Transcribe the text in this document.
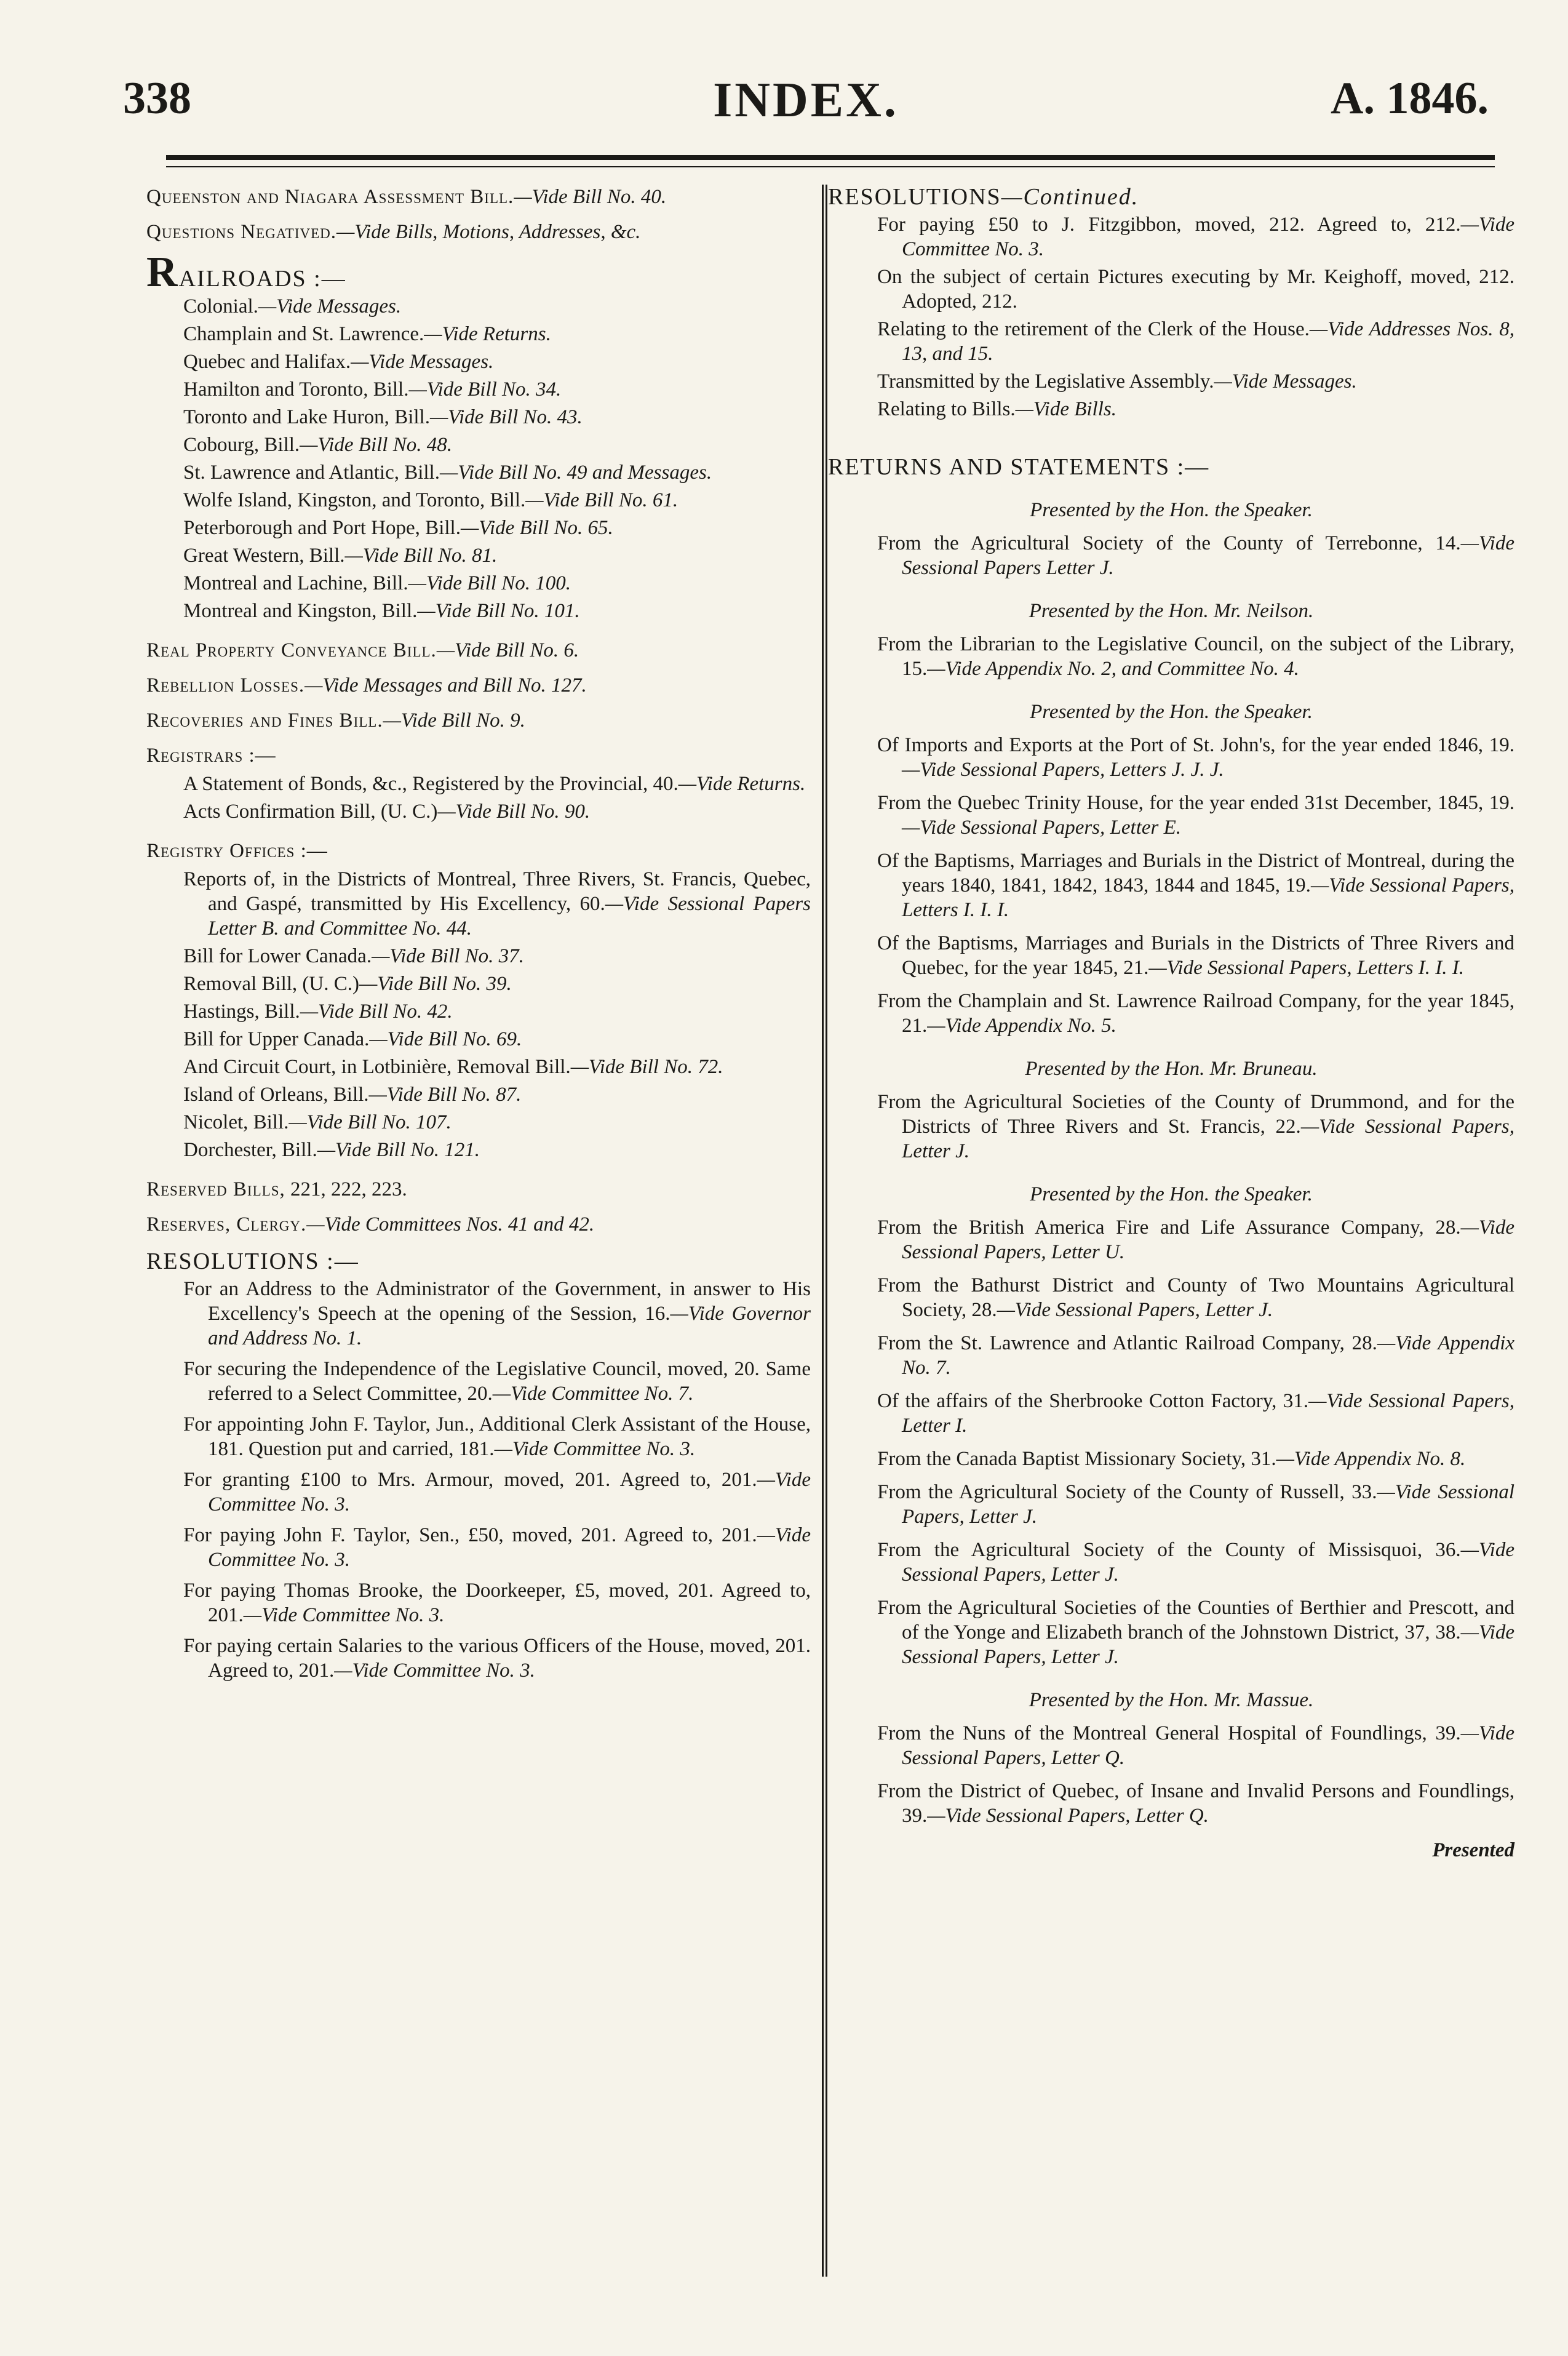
338	INDEX.	A. 1846.
Queenston and Niagara Assessment Bill.—Vide Bill No. 40.
Questions Negatived.—Vide Bills, Motions, Addresses, &c.
RAILROADS :—
Colonial.—Vide Messages.
Champlain and St. Lawrence.—Vide Returns.
Quebec and Halifax.—Vide Messages.
Hamilton and Toronto, Bill.—Vide Bill No. 34.
Toronto and Lake Huron, Bill.—Vide Bill No. 43.
Cobourg, Bill.—Vide Bill No. 48.
St. Lawrence and Atlantic, Bill.—Vide Bill No. 49 and Messages.
Wolfe Island, Kingston, and Toronto, Bill.—Vide Bill No. 61.
Peterborough and Port Hope, Bill.—Vide Bill No. 65.
Great Western, Bill.—Vide Bill No. 81.
Montreal and Lachine, Bill.—Vide Bill No. 100.
Montreal and Kingston, Bill.—Vide Bill No. 101.
Real Property Conveyance Bill.—Vide Bill No. 6.
Rebellion Losses.—Vide Messages and Bill No. 127.
Recoveries and Fines Bill.—Vide Bill No. 9.
Registrars :—
A Statement of Bonds, &c., Registered by the Provincial, 40.—Vide Returns.
Acts Confirmation Bill, (U. C.)—Vide Bill No. 90.
Registry Offices :—
Reports of, in the Districts of Montreal, Three Rivers, St. Francis, Quebec, and Gaspé, transmitted by His Excellency, 60.—Vide Sessional Papers Letter B. and Committee No. 44.
Bill for Lower Canada.—Vide Bill No. 37.
Removal Bill, (U. C.)—Vide Bill No. 39.
Hastings, Bill.—Vide Bill No. 42.
Bill for Upper Canada.—Vide Bill No. 69.
And Circuit Court, in Lotbinière, Removal Bill.—Vide Bill No. 72.
Island of Orleans, Bill.—Vide Bill No. 87.
Nicolet, Bill.—Vide Bill No. 107.
Dorchester, Bill.—Vide Bill No. 121.
Reserved Bills, 221, 222, 223.
Reserves, Clergy.—Vide Committees Nos. 41 and 42.
RESOLUTIONS :—
For an Address to the Administrator of the Government, in answer to His Excellency's Speech at the opening of the Session, 16.—Vide Governor and Address No. 1.
For securing the Independence of the Legislative Council, moved, 20. Same referred to a Select Committee, 20.—Vide Committee No. 7.
For appointing John F. Taylor, Jun., Additional Clerk Assistant of the House, 181. Question put and carried, 181.—Vide Committee No. 3.
For granting £100 to Mrs. Armour, moved, 201. Agreed to, 201.—Vide Committee No. 3.
For paying John F. Taylor, Sen., £50, moved, 201. Agreed to, 201.—Vide Committee No. 3.
For paying Thomas Brooke, the Doorkeeper, £5, moved, 201. Agreed to, 201.—Vide Committee No. 3.
For paying certain Salaries to the various Officers of the House, moved, 201. Agreed to, 201.—Vide Committee No. 3.
RESOLUTIONS—Continued.
For paying £50 to J. Fitzgibbon, moved, 212. Agreed to, 212.—Vide Committee No. 3.
On the subject of certain Pictures executing by Mr. Keighoff, moved, 212. Adopted, 212.
Relating to the retirement of the Clerk of the House.—Vide Addresses Nos. 8, 13, and 15.
Transmitted by the Legislative Assembly.—Vide Messages.
Relating to Bills.—Vide Bills.
RETURNS AND STATEMENTS :—
Presented by the Hon. the Speaker.
From the Agricultural Society of the County of Terrebonne, 14.—Vide Sessional Papers Letter J.
Presented by the Hon. Mr. Neilson.
From the Librarian to the Legislative Council, on the subject of the Library, 15.—Vide Appendix No. 2, and Committee No. 4.
Presented by the Hon. the Speaker.
Of Imports and Exports at the Port of St. John's, for the year ended 1846, 19.—Vide Sessional Papers, Letters J. J. J.
From the Quebec Trinity House, for the year ended 31st December, 1845, 19.—Vide Sessional Papers, Letter E.
Of the Baptisms, Marriages and Burials in the District of Montreal, during the years 1840, 1841, 1842, 1843, 1844 and 1845, 19.—Vide Sessional Papers, Letters I. I. I.
Of the Baptisms, Marriages and Burials in the Districts of Three Rivers and Quebec, for the year 1845, 21.—Vide Sessional Papers, Letters I. I. I.
From the Champlain and St. Lawrence Railroad Company, for the year 1845, 21.—Vide Appendix No. 5.
Presented by the Hon. Mr. Bruneau.
From the Agricultural Societies of the County of Drummond, and for the Districts of Three Rivers and St. Francis, 22.—Vide Sessional Papers, Letter J.
Presented by the Hon. the Speaker.
From the British America Fire and Life Assurance Company, 28.—Vide Sessional Papers, Letter U.
From the Bathurst District and County of Two Mountains Agricultural Society, 28.—Vide Sessional Papers, Letter J.
From the St. Lawrence and Atlantic Railroad Company, 28.—Vide Appendix No. 7.
Of the affairs of the Sherbrooke Cotton Factory, 31.—Vide Sessional Papers, Letter I.
From the Canada Baptist Missionary Society, 31.—Vide Appendix No. 8.
From the Agricultural Society of the County of Russell, 33.—Vide Sessional Papers, Letter J.
From the Agricultural Society of the County of Missisquoi, 36.—Vide Sessional Papers, Letter J.
From the Agricultural Societies of the Counties of Berthier and Prescott, and of the Yonge and Elizabeth branch of the Johnstown District, 37, 38.—Vide Sessional Papers, Letter J.
Presented by the Hon. Mr. Massue.
From the Nuns of the Montreal General Hospital of Foundlings, 39.—Vide Sessional Papers, Letter Q.
From the District of Quebec, of Insane and Invalid Persons and Foundlings, 39.—Vide Sessional Papers, Letter Q.
Presented
